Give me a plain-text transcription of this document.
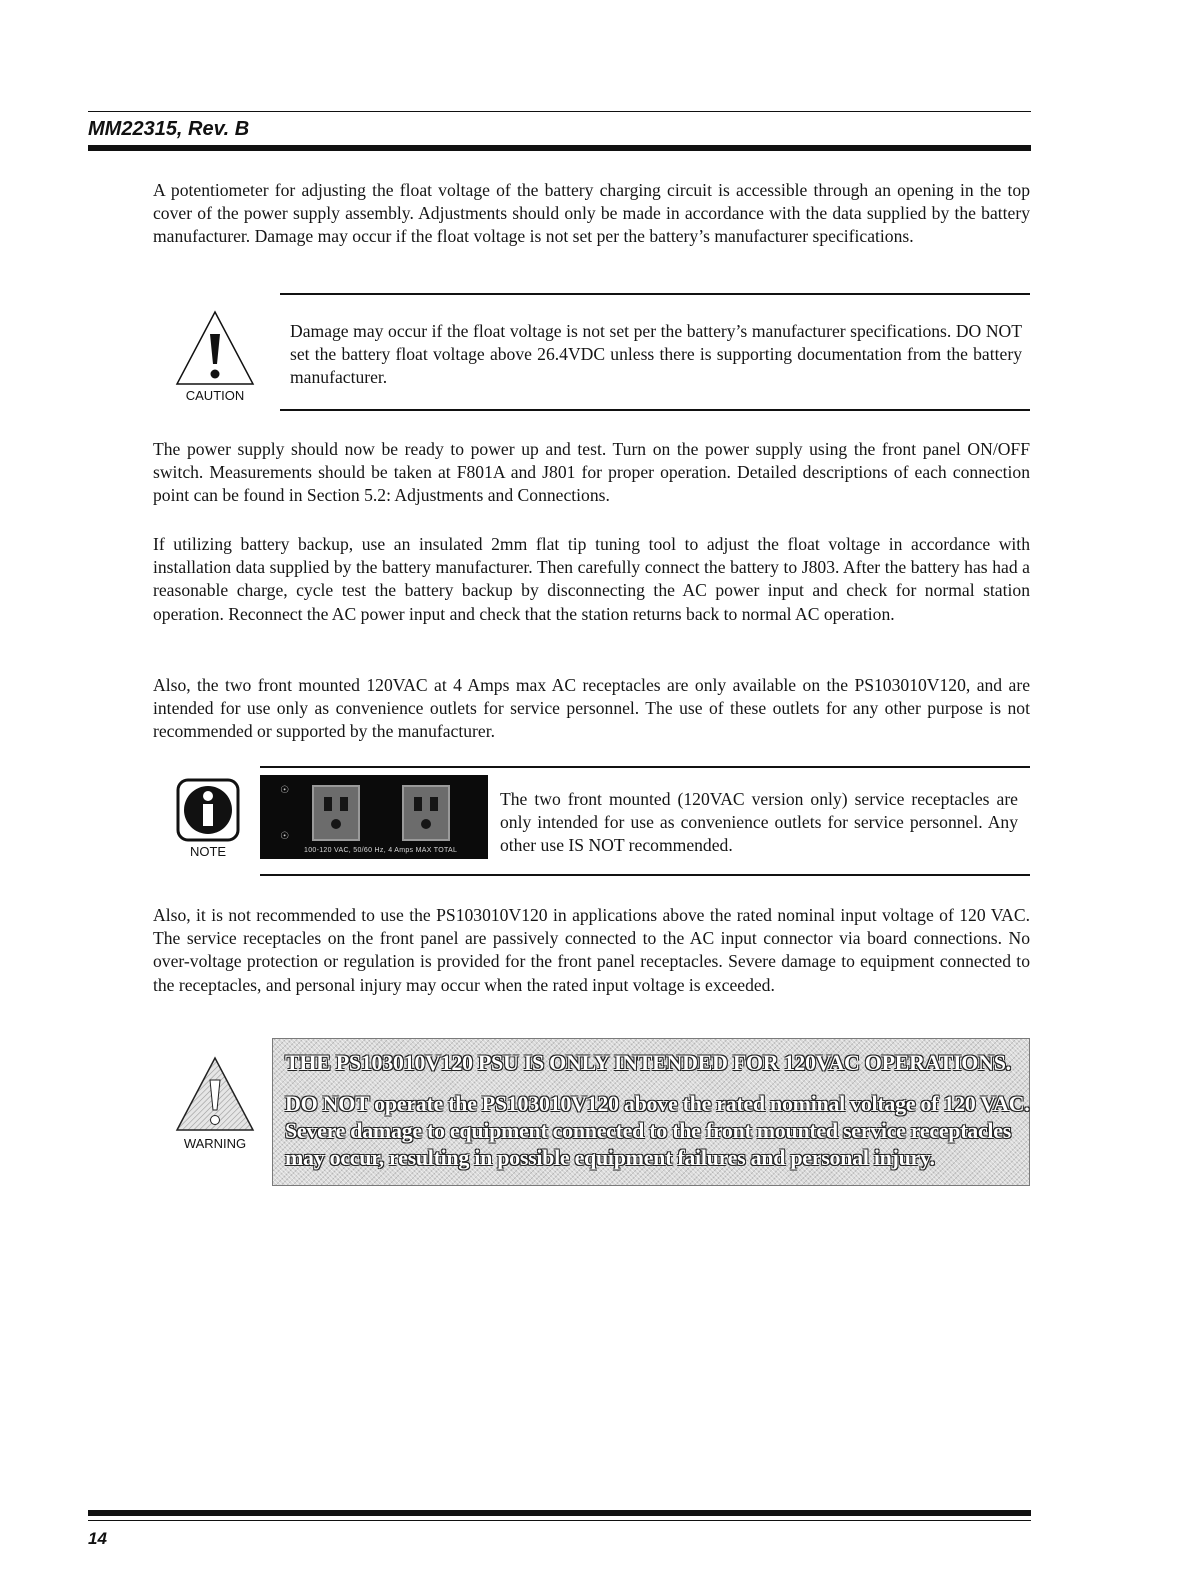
MM22315, Rev. B

A potentiometer for adjusting the float voltage of the battery charging circuit is accessible through an opening in the top cover of the power supply assembly. Adjustments should only be made in accordance with the data supplied by the battery manufacturer. Damage may occur if the float voltage is not set per the battery’s manufacturer specifications.

CAUTION

Damage may occur if the float voltage is not set per the battery’s manufacturer specifications. DO NOT set the battery float voltage above 26.4VDC unless there is supporting documentation from the battery manufacturer.

The power supply should now be ready to power up and test. Turn on the power supply using the front panel ON/OFF switch. Measurements should be taken at F801A and J801 for proper operation. Detailed descriptions of each connection point can be found in Section 5.2: Adjustments and Connections.

If utilizing battery backup, use an insulated 2mm flat tip tuning tool to adjust the float voltage in accordance with installation data supplied by the battery manufacturer. Then carefully connect the battery to J803. After the battery has had a reasonable charge, cycle test the battery backup by disconnecting the AC power input and check for normal station operation. Reconnect the AC power input and check that the station returns back to normal AC operation.

Also, the two front mounted 120VAC at 4 Amps max AC receptacles are only available on the PS103010V120, and are intended for use only as convenience outlets for service personnel. The use of these outlets for any other purpose is not recommended or supported by the manufacturer.

NOTE
☉
☉
100-120 VAC, 50/60 Hz, 4 Amps MAX TOTAL

The two front mounted (120VAC version only) service receptacles are only intended for use as convenience outlets for service personnel. Any other use IS NOT recommended.

Also, it is not recommended to use the PS103010V120 in applications above the rated nominal input voltage of 120 VAC. The service receptacles on the front panel are passively connected to the AC input connector via board connections. No over-voltage protection or regulation is provided for the front panel receptacles. Severe damage to equipment connected to the receptacles, and personal injury may occur when the rated input voltage is exceeded.

WARNING
THE PS103010V120 PSU IS ONLY INTENDED FOR 120VAC OPERATIONS.
DO NOT operate the PS103010V120 above the rated nominal voltage of 120 VAC.
Severe damage to equipment connected to the front mounted service receptacles
may occur, resulting in possible equipment failures and personal injury.
14
